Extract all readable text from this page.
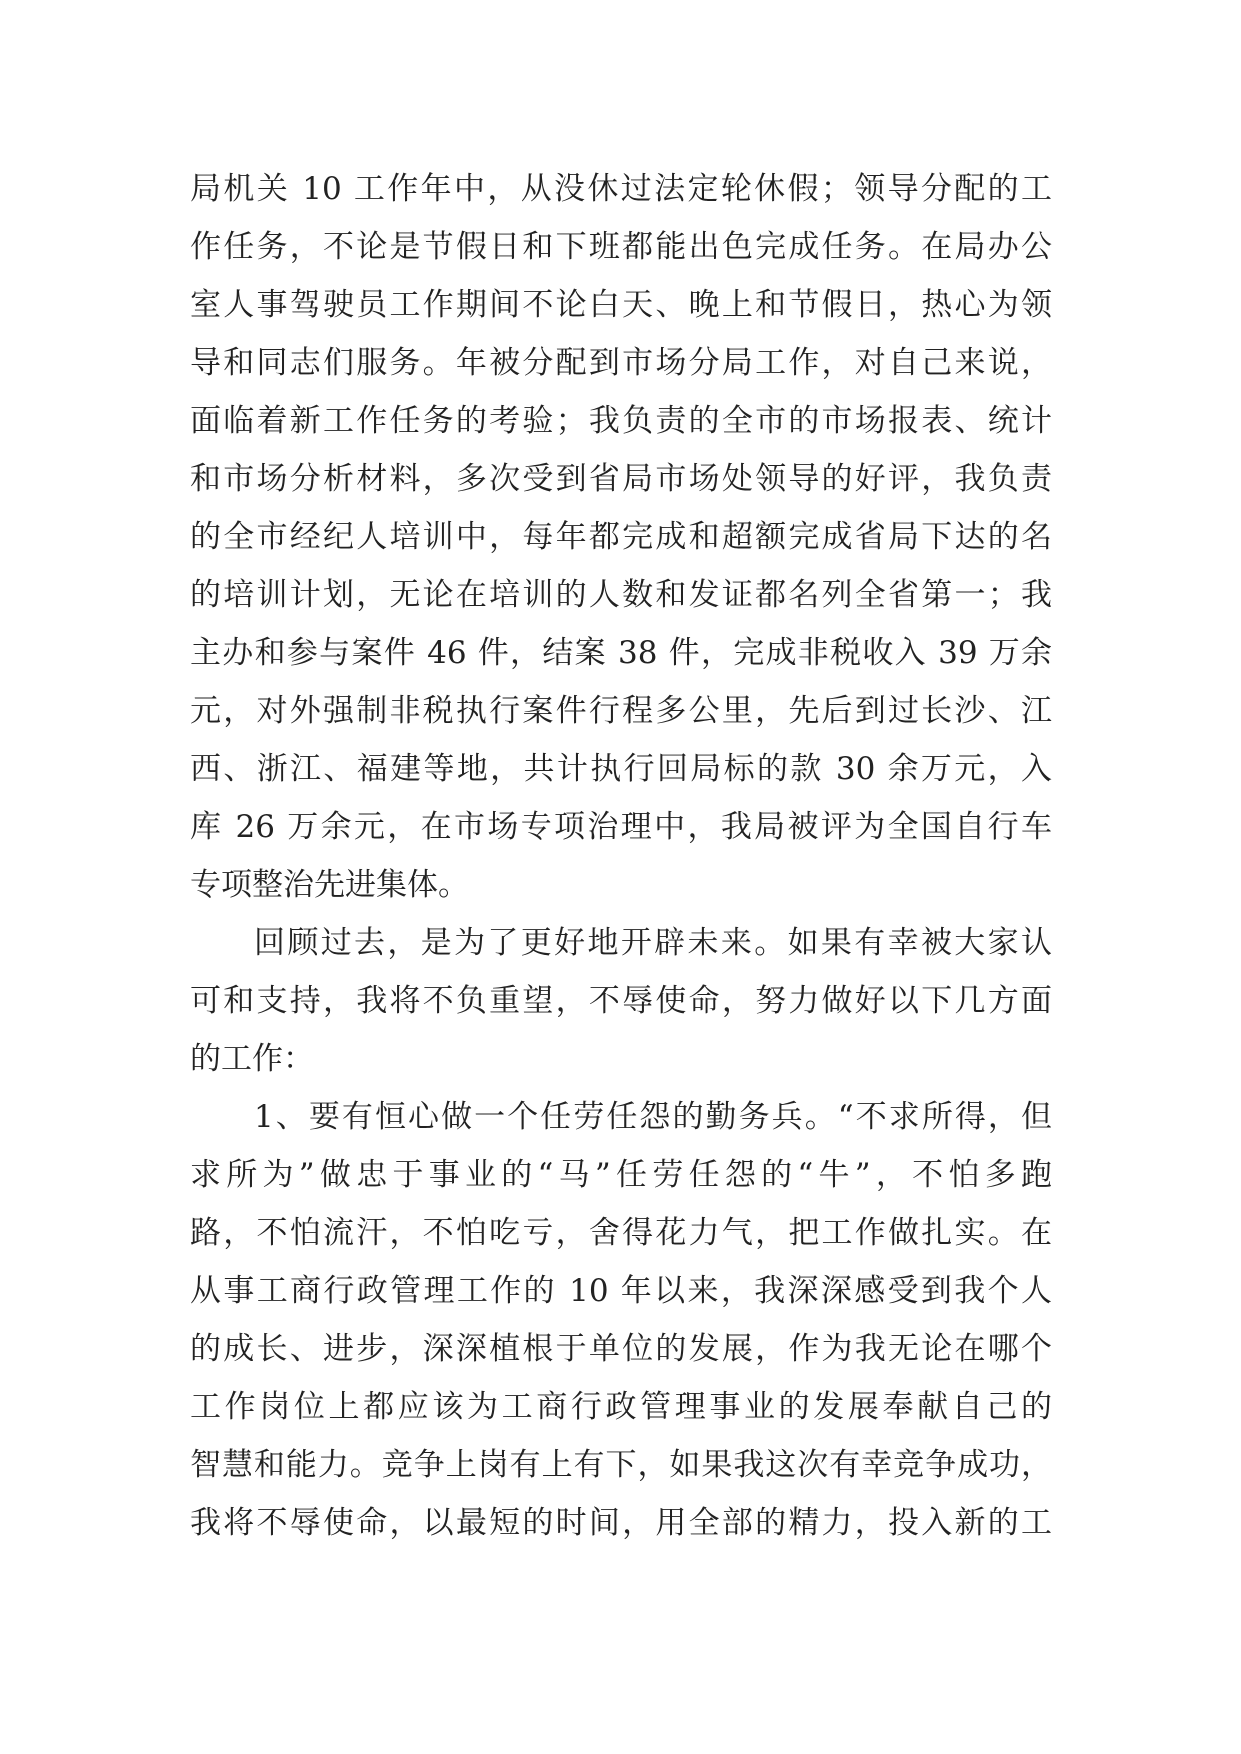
局机关 10 工作年中，从没休过法定轮休假；领导分配的工
作任务，不论是节假日和下班都能出色完成任务。在局办公
室人事驾驶员工作期间不论白天、晚上和节假日，热心为领
导和同志们服务。年被分配到市场分局工作，对自己来说，
面临着新工作任务的考验；我负责的全市的市场报表、统计
和市场分析材料，多次受到省局市场处领导的好评，我负责
的全市经纪人培训中，每年都完成和超额完成省局下达的名
的培训计划，无论在培训的人数和发证都名列全省第一；我
主办和参与案件 46 件，结案 38 件，完成非税收入 39 万余
元，对外强制非税执行案件行程多公里，先后到过长沙、江
西、浙江、福建等地，共计执行回局标的款 30 余万元，入
库 26 万余元，在市场专项治理中，我局被评为全国自行车
专项整治先进集体。
回顾过去，是为了更好地开辟未来。如果有幸被大家认
可和支持，我将不负重望，不辱使命，努力做好以下几方面
的工作：
1、要有恒心做一个任劳任怨的勤务兵。“不求所得，但
求所为”做忠于事业的“马”任劳任怨的“牛”，不怕多跑
路，不怕流汗，不怕吃亏，舍得花力气，把工作做扎实。在
从事工商行政管理工作的 10 年以来，我深深感受到我个人
的成长、进步，深深植根于单位的发展，作为我无论在哪个
工作岗位上都应该为工商行政管理事业的发展奉献自己的
智慧和能力。竞争上岗有上有下，如果我这次有幸竞争成功，
我将不辱使命，以最短的时间，用全部的精力，投入新的工
